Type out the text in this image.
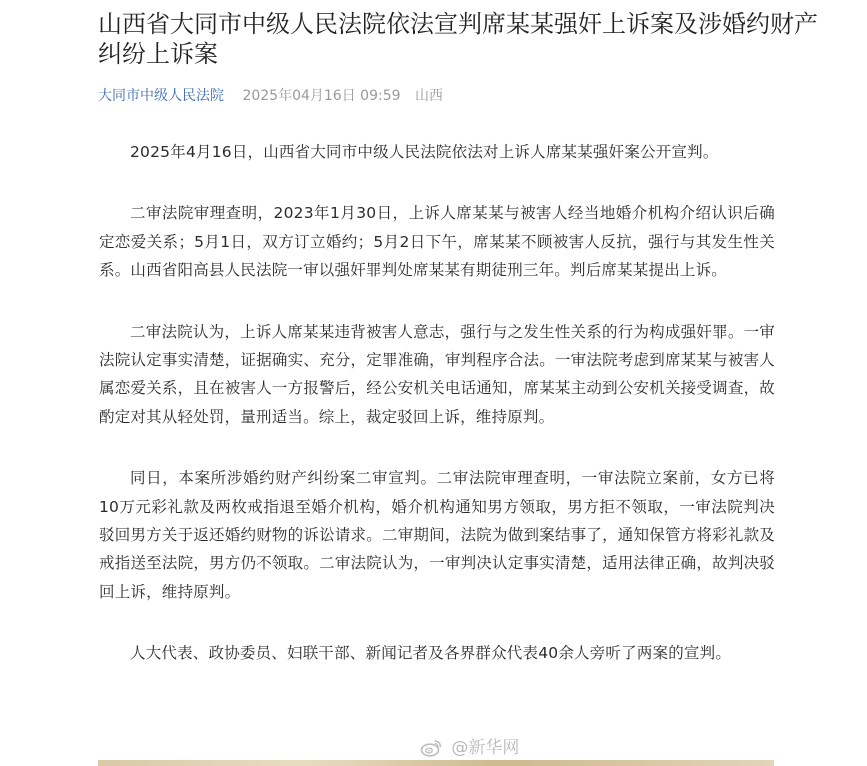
山西省大同市中级人民法院依法宣判席某某强奸上诉案及涉婚约财产纠纷上诉案
大同市中级人民法院 2025年04月16日 09:59 山西

2025年4月16日，山西省大同市中级人民法院依法对上诉人席某某强奸案公开宣判。

二审法院审理查明，2023年1月30日，上诉人席某某与被害人经当地婚介机构介绍认识后确定恋爱关系；5月1日，双方订立婚约；5月2日下午，席某某不顾被害人反抗，强行与其发生性关系。山西省阳高县人民法院一审以强奸罪判处席某某有期徒刑三年。判后席某某提出上诉。

二审法院认为，上诉人席某某违背被害人意志，强行与之发生性关系的行为构成强奸罪。一审法院认定事实清楚，证据确实、充分，定罪准确，审判程序合法。一审法院考虑到席某某与被害人属恋爱关系，且在被害人一方报警后，经公安机关电话通知，席某某主动到公安机关接受调查，故酌定对其从轻处罚，量刑适当。综上，裁定驳回上诉，维持原判。

同日，本案所涉婚约财产纠纷案二审宣判。二审法院审理查明，一审法院立案前，女方已将10万元彩礼款及两枚戒指退至婚介机构，婚介机构通知男方领取，男方拒不领取，一审法院判决驳回男方关于返还婚约财物的诉讼请求。二审期间，法院为做到案结事了，通知保管方将彩礼款及戒指送至法院，男方仍不领取。二审法院认为，一审判决认定事实清楚，适用法律正确，故判决驳回上诉，维持原判。

人大代表、政协委员、妇联干部、新闻记者及各界群众代表40余人旁听了两案的宣判。

@新华网
